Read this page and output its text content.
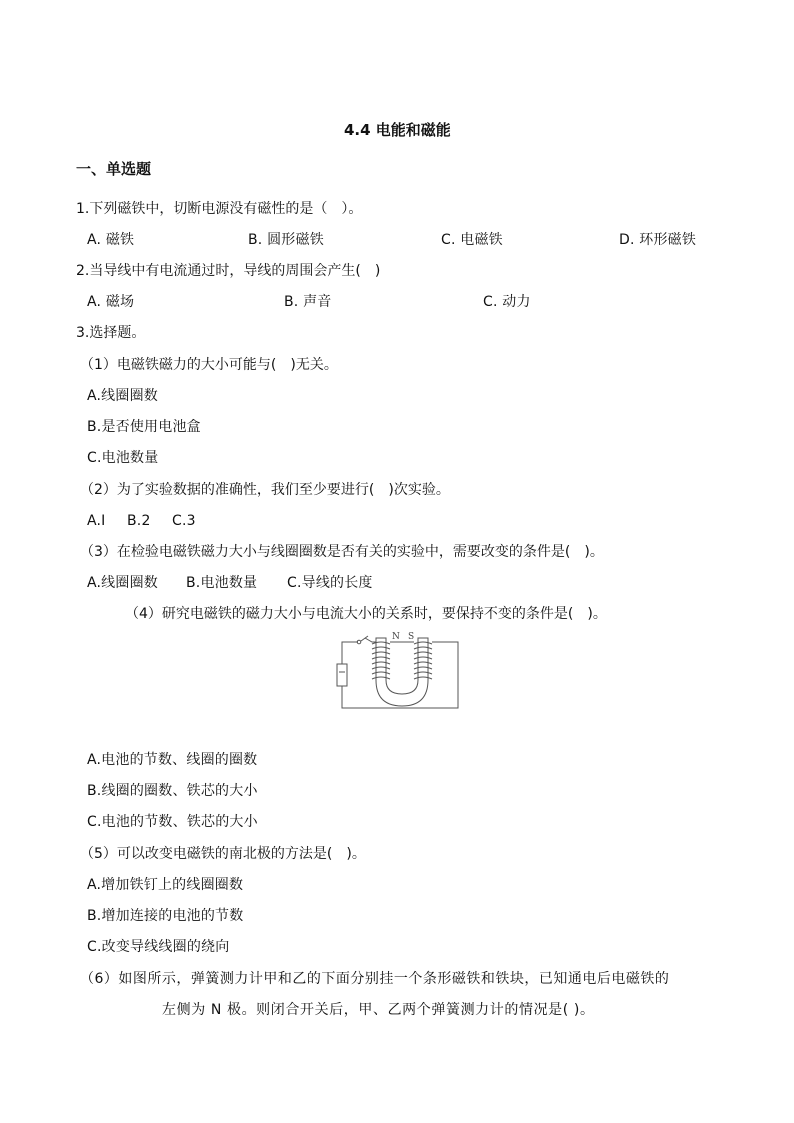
4.4 电能和磁能
一、单选题
1.下列磁铁中，切断电源没有磁性的是（　）。
A. 磁铁	B. 圆形磁铁	C. 电磁铁	D. 环形磁铁
2.当导线中有电流通过时，导线的周围会产生(　)
A. 磁场	B. 声音	C. 动力
3.选择题。
（1）电磁铁磁力的大小可能与(　)无关。
A.线圈圈数
B.是否使用电池盒
C.电池数量
（2）为了实验数据的准确性，我们至少要进行(　)次实验。
A.I B.2 C.3
（3）在检验电磁铁磁力大小与线圈圈数是否有关的实验中，需要改变的条件是(　)。
A.线圈圈数 B.电池数量 C.导线的长度
（4）研究电磁铁的磁力大小与电流大小的关系时，要保持不变的条件是(　)。
N S
A.电池的节数、线圈的圈数
B.线圈的圈数、铁芯的大小
C.电池的节数、铁芯的大小
（5）可以改变电磁铁的南北极的方法是(　)。
A.增加铁钉上的线圈圈数
B.增加连接的电池的节数
C.改变导线线圈的绕向
（6）如图所示，弹簧测力计甲和乙的下面分别挂一个条形磁铁和铁块，已知通电后电磁铁的
左侧为 N 极。则闭合开关后，甲、乙两个弹簧测力计的情况是( )。
